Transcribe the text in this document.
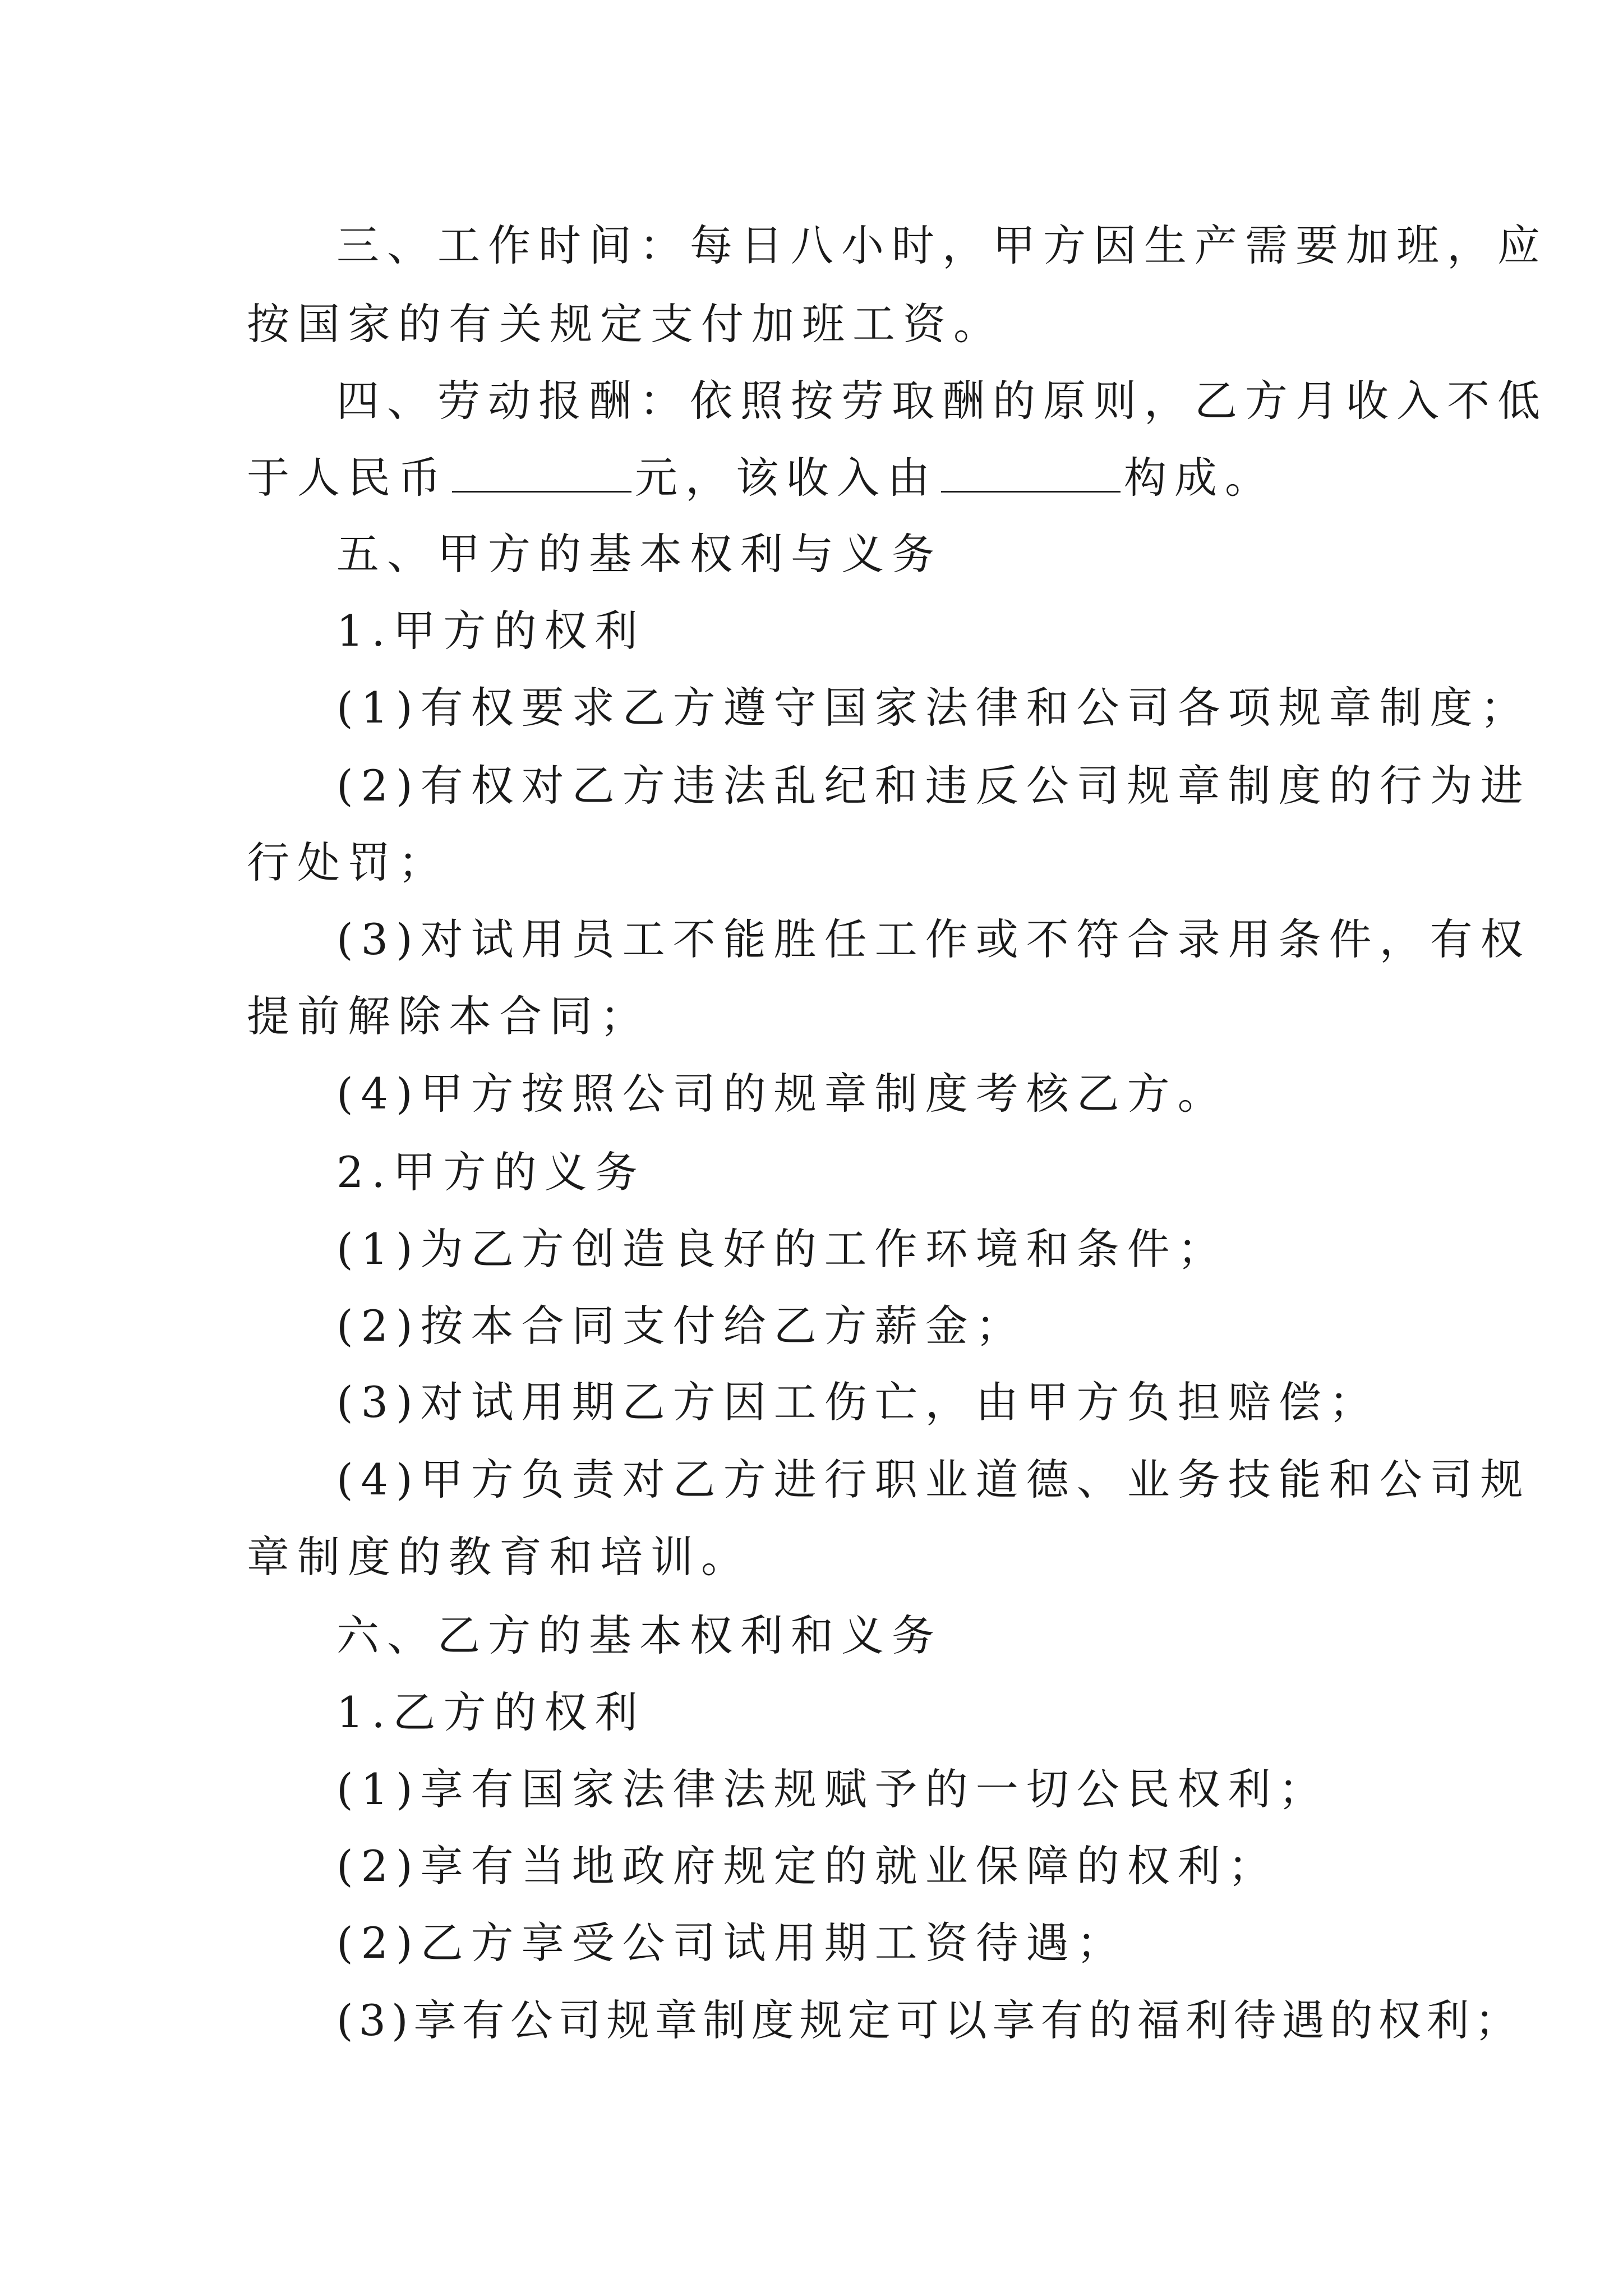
三、工作时间：每日八小时，甲方因生产需要加班，应
按国家的有关规定支付加班工资。
四、劳动报酬：依照按劳取酬的原则，乙方月收入不低
于人民币	元，该收入由	构成。
五、甲方的基本权利与义务
1.甲方的权利
(1)有权要求乙方遵守国家法律和公司各项规章制度；
(2)有权对乙方违法乱纪和违反公司规章制度的行为进
行处罚；
(3)对试用员工不能胜任工作或不符合录用条件，有权
提前解除本合同；
(4)甲方按照公司的规章制度考核乙方。
2.甲方的义务
(1)为乙方创造良好的工作环境和条件；
(2)按本合同支付给乙方薪金；
(3)对试用期乙方因工伤亡，由甲方负担赔偿；
(4)甲方负责对乙方进行职业道德、业务技能和公司规
章制度的教育和培训。
六、乙方的基本权利和义务
1.乙方的权利
(1)享有国家法律法规赋予的一切公民权利；
(2)享有当地政府规定的就业保障的权利；
(2)乙方享受公司试用期工资待遇；
(3)享有公司规章制度规定可以享有的福利待遇的权利；
